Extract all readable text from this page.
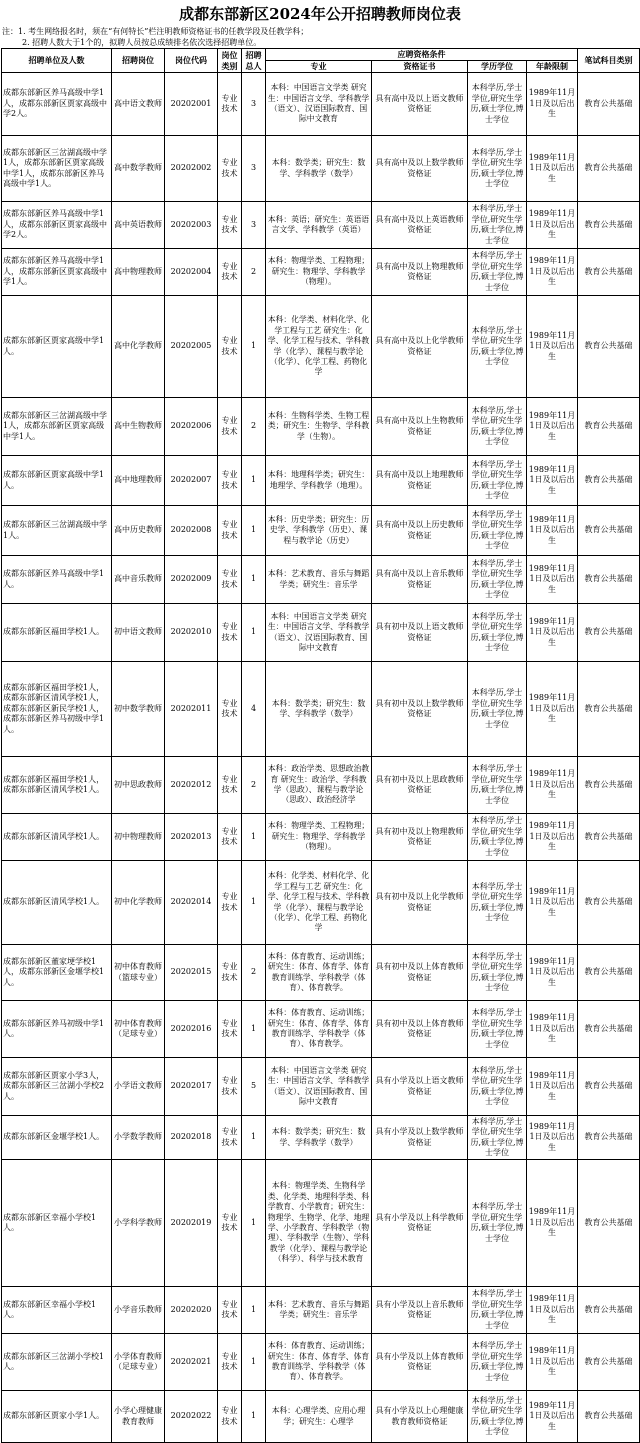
成都东部新区2024年公开招聘教师岗位表
注：1. 考生网络报名时，须在“有何特长”栏注明教师资格证书的任教学段及任教学科；
2. 招聘人数大于1个的，拟聘人员按总成绩排名依次选择招聘单位。
招聘单位及人数	招聘岗位	岗位代码	岗位类别	招聘总人	应聘资格条件				笔试科目类别
					专业	资格证书	学历学位	年龄限制	
成都东部新区养马高级中学1人，成都东部新区贾家高级中学2人。	高中语文教师	20202001	专业技术	3	本科：中国语言文学类 研究生：中国语言文学、学科教学（语文）、汉语国际教育、国际中文教育	具有高中及以上语文教师资格证	本科学历,学士学位,研究生学历,硕士学位,博士学位	1989年11月1日及以后出生	教育公共基础
成都东部新区三岔湖高级中学1人，成都东部新区贾家高级中学1人，成都东部新区养马高级中学1人。	高中数学教师	20202002	专业技术	3	本科：数学类；研究生：数学、学科教学（数学）	具有高中及以上数学教师资格证	本科学历,学士学位,研究生学历,硕士学位,博士学位	1989年11月1日及以后出生	教育公共基础
成都东部新区养马高级中学1人，成都东部新区贾家高级中学2人。	高中英语教师	20202003	专业技术	3	本科：英语；研究生：英语语言文学、学科教学（英语）	具有高中及以上英语教师资格证	本科学历,学士学位,研究生学历,硕士学位,博士学位	1989年11月1日及以后出生	教育公共基础
成都东部新区养马高级中学1人，成都东部新区贾家高级中学1人。	高中物理教师	20202004	专业技术	2	本科：物理学类、工程物理；研究生：物理学、学科教学（物理）。	具有高中及以上物理教师资格证	本科学历,学士学位,研究生学历,硕士学位,博士学位	1989年11月1日及以后出生	教育公共基础
成都东部新区贾家高级中学1人。	高中化学教师	20202005	专业技术	1	本科：化学类、材料化学、化学工程与工艺 研究生：化学、化学工程与技术、学科教学（化学）、课程与教学论（化学）、化学工程、药物化学	具有高中及以上化学教师资格证	本科学历,学士学位,研究生学历,硕士学位,博士学位	1989年11月1日及以后出生	教育公共基础
成都东部新区三岔湖高级中学1人，成都东部新区贾家高级中学1人。	高中生物教师	20202006	专业技术	2	本科：生物科学类、生物工程类；研究生：生物学、学科教学（生物）。	具有高中及以上生物教师资格证	本科学历,学士学位,研究生学历,硕士学位,博士学位	1989年11月1日及以后出生	教育公共基础
成都东部新区贾家高级中学1人。	高中地理教师	20202007	专业技术	1	本科：地理科学类；研究生：地理学、学科教学（地理）。	具有高中及以上地理教师资格证	本科学历,学士学位,研究生学历,硕士学位,博士学位	1989年11月1日及以后出生	教育公共基础
成都东部新区三岔湖高级中学1人。	高中历史教师	20202008	专业技术	1	本科：历史学类；研究生：历史学、学科教学（历史）、课程与教学论（历史）	具有高中及以上历史教师资格证	本科学历,学士学位,研究生学历,硕士学位,博士学位	1989年11月1日及以后出生	教育公共基础
成都东部新区养马高级中学1人。	高中音乐教师	20202009	专业技术	1	本科：艺术教育、音乐与舞蹈学类；研究生：音乐学	具有高中及以上音乐教师资格证	本科学历,学士学位,研究生学历,硕士学位,博士学位	1989年11月1日及以后出生	教育公共基础
成都东部新区福田学校1人。	初中语文教师	20202010	专业技术	1	本科：中国语言文学类 研究生：中国语言文学、学科教学（语文）、汉语国际教育、国际中文教育	具有初中及以上语文教师资格证	本科学历,学士学位,研究生学历,硕士学位,博士学位	1989年11月1日及以后出生	教育公共基础
成都东部新区福田学校1人，成都东部新区清风学校1人，成都东部新区新民学校1人，成都东部新区养马初级中学1人。	初中数学教师	20202011	专业技术	4	本科：数学类；研究生：数学、学科教学（数学）	具有初中及以上数学教师资格证	本科学历,学士学位,研究生学历,硕士学位,博士学位	1989年11月1日及以后出生	教育公共基础
成都东部新区福田学校1人，成都东部新区清风学校1人。	初中思政教师	20202012	专业技术	2	本科：政治学类、思想政治教育 研究生：政治学、学科教学（思政）、课程与教学论（思政）、政治经济学	具有初中及以上思政教师资格证	本科学历,学士学位,研究生学历,硕士学位,博士学位	1989年11月1日及以后出生	教育公共基础
成都东部新区清风学校1人。	初中物理教师	20202013	专业技术	1	本科：物理学类、工程物理；研究生：物理学、学科教学（物理）。	具有初中及以上物理教师资格证	本科学历,学士学位,研究生学历,硕士学位,博士学位	1989年11月1日及以后出生	教育公共基础
成都东部新区清风学校1人。	初中化学教师	20202014	专业技术	1	本科：化学类、材料化学、化学工程与工艺 研究生：化学、化学工程与技术、学科教学（化学）、课程与教学论（化学）、化学工程、药物化学	具有初中及以上化学教师资格证	本科学历,学士学位,研究生学历,硕士学位,博士学位	1989年11月1日及以后出生	教育公共基础
成都东部新区董家埂学校1人，成都东部新区金堰学校1人。	初中体育教师（篮球专业）	20202015	专业技术	2	本科：体育教育、运动训练；研究生：体育、体育学、体育教育训练学、学科教学（体育）、体育教学。	具有初中及以上体育教师资格证	本科学历,学士学位,研究生学历,硕士学位,博士学位	1989年11月1日及以后出生	教育公共基础
成都东部新区养马初级中学1人。	初中体育教师（足球专业）	20202016	专业技术	1	本科：体育教育、运动训练；研究生：体育、体育学、体育教育训练学、学科教学（体育）、体育教学。	具有初中及以上体育教师资格证	本科学历,学士学位,研究生学历,硕士学位,博士学位	1989年11月1日及以后出生	教育公共基础
成都东部新区贾家小学3人，成都东部新区三岔湖小学校2人。	小学语文教师	20202017	专业技术	5	本科：中国语言文学类 研究生：中国语言文学、学科教学（语文）、汉语国际教育、国际中文教育	具有小学及以上语文教师资格证	本科学历,学士学位,研究生学历,硕士学位,博士学位	1989年11月1日及以后出生	教育公共基础
成都东部新区金堰学校1人。	小学数学教师	20202018	专业技术	1	本科：数学类；研究生：数学、学科教学（数学）	具有小学及以上数学教师资格证	本科学历,学士学位,研究生学历,硕士学位,博士学位	1989年11月1日及以后出生	教育公共基础
成都东部新区幸福小学校1人。	小学科学教师	20202019	专业技术	1	本科：物理学类、生物科学类、化学类、地理科学类、科学教育、小学教育；研究生：物理学、生物学、化学、地理学、小学教育、学科教学（物理）、学科教学（生物）、学科教学（化学）、课程与教学论（科学）、科学与技术教育	具有小学及以上科学教师资格证	本科学历,学士学位,研究生学历,硕士学位,博士学位	1989年11月1日及以后出生	教育公共基础
成都东部新区幸福小学校1人。	小学音乐教师	20202020	专业技术	1	本科：艺术教育、音乐与舞蹈学类；研究生：音乐学	具有小学及以上音乐教师资格证	本科学历,学士学位,研究生学历,硕士学位,博士学位	1989年11月1日及以后出生	教育公共基础
成都东部新区三岔湖小学校1人。	小学体育教师（足球专业）	20202021	专业技术	1	本科：体育教育、运动训练；研究生：体育、体育学、体育教育训练学、学科教学（体育）、体育教学。	具有小学及以上体育教师资格证	本科学历,学士学位,研究生学历,硕士学位,博士学位	1989年11月1日及以后出生	教育公共基础
成都东部新区贾家小学1人。	小学心理健康教育教师	20202022	专业技术	1	本科：心理学类、应用心理学；研究生：心理学	具有小学及以上心理健康教育教师资格证	本科学历,学士学位,研究生学历,硕士学位,博士学位	1989年11月1日及以后出生	教育公共基础
